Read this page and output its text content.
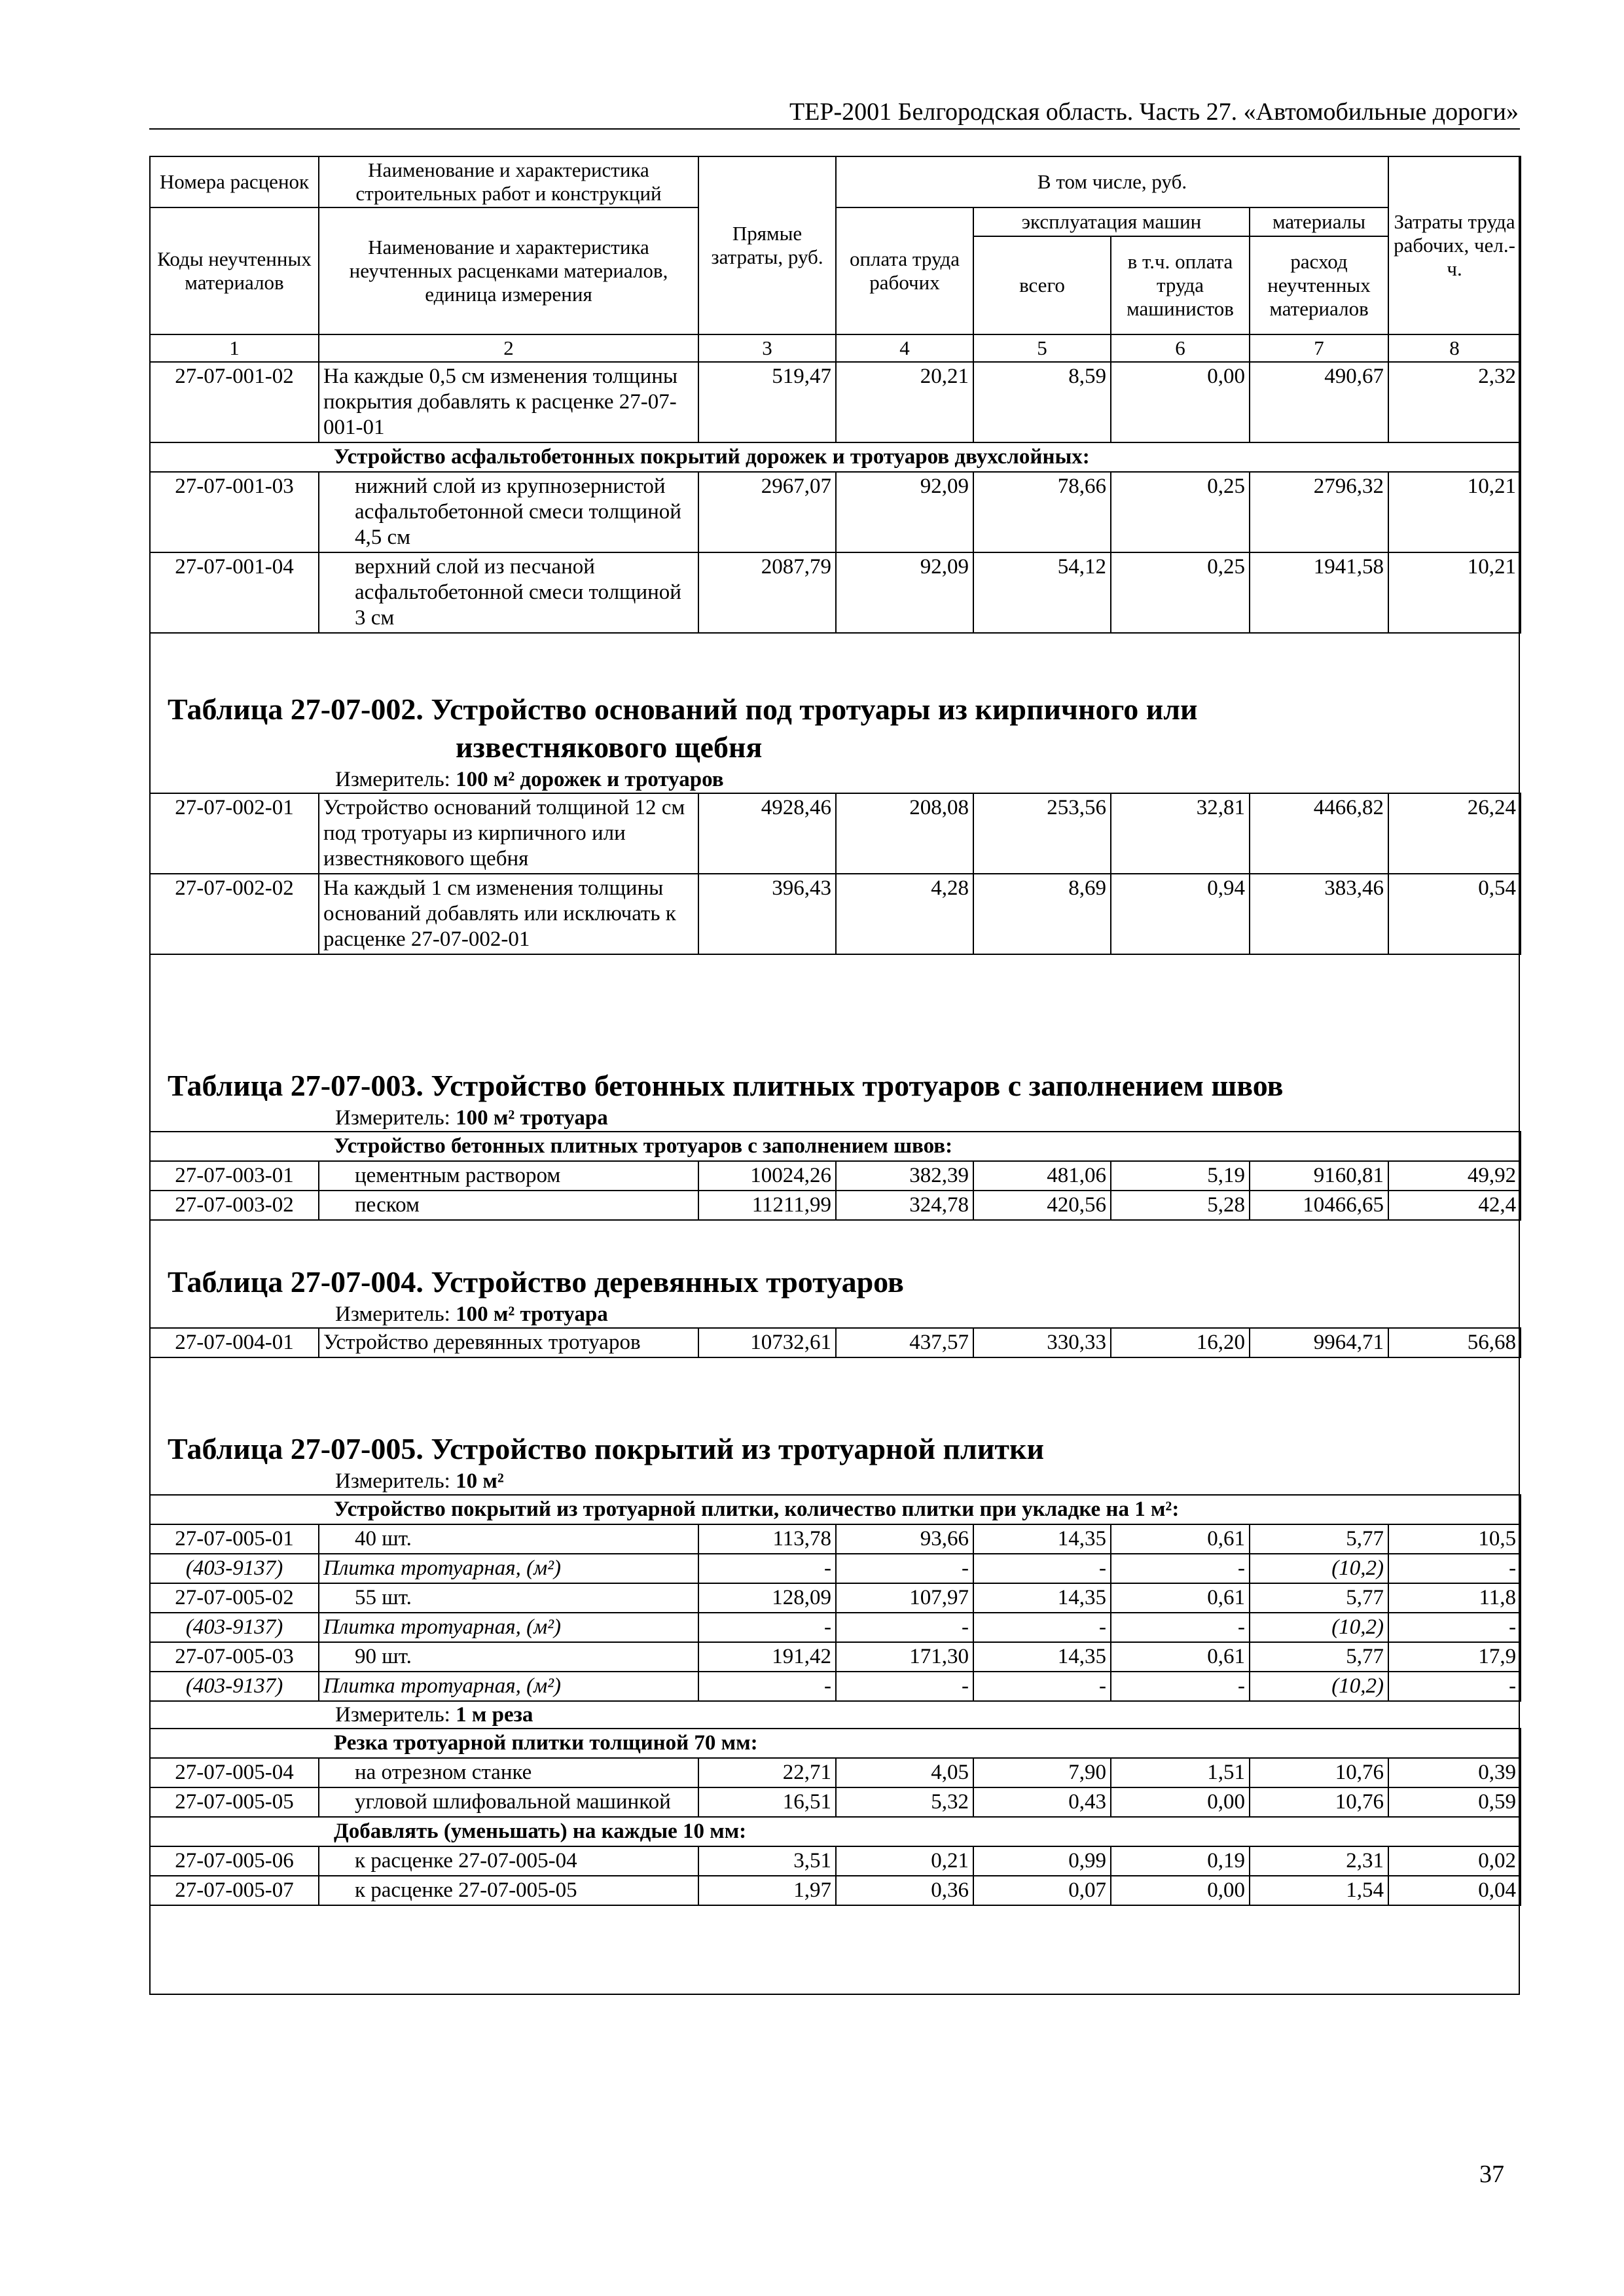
ТЕР-2001 Белгородская область. Часть 27. «Автомобильные дороги»
Номера расценок	Наименование и характеристика строительных работ и конструкций	Прямые затраты, руб.	В том числе, руб.				Затраты труда рабочих, чел.-ч.
Коды неучтенных материалов	Наименование и характеристика неучтенных расценками материалов, единица измерения		оплата труда рабочих	эксплуатация машин		материалы	
				всего	в т.ч. оплата труда машинистов	расход неучтенных материалов	
1	2	3	4	5	6	7	8
27-07-001-02	На каждые 0,5 см изменения толщины покрытия добавлять к расценке 27-07-001-01	519,47	20,21	8,59	0,00	490,67	2,32
Устройство асфальтобетонных покрытий дорожек и тротуаров двухслойных:							
27-07-001-03	нижний слой из крупнозернистой асфальтобетонной смеси толщиной 4,5 см	2967,07	92,09	78,66	0,25	2796,32	10,21
27-07-001-04	верхний слой из песчаной асфальтобетонной смеси толщиной 3 см	2087,79	92,09	54,12	0,25	1941,58	10,21
Таблица 27-07-002. Устройство оснований под тротуары из кирпичного или
известнякового щебня
Измеритель: 100 м² дорожек и тротуаров
27-07-002-01	Устройство оснований толщиной 12 см под тротуары из кирпичного или известнякового щебня	4928,46	208,08	253,56	32,81	4466,82	26,24
27-07-002-02	На каждый 1 см изменения толщины оснований добавлять или исключать к расценке 27-07-002-01	396,43	4,28	8,69	0,94	383,46	0,54
Таблица 27-07-003. Устройство бетонных плитных тротуаров с заполнением швов
Измеритель: 100 м² тротуара
Устройство бетонных плитных тротуаров с заполнением швов:							
27-07-003-01	цементным раствором	10024,26	382,39	481,06	5,19	9160,81	49,92
27-07-003-02	песком	11211,99	324,78	420,56	5,28	10466,65	42,4
Таблица 27-07-004. Устройство деревянных тротуаров
Измеритель: 100 м² тротуара
27-07-004-01	Устройство деревянных тротуаров	10732,61	437,57	330,33	16,20	9964,71	56,68
Таблица 27-07-005. Устройство покрытий из тротуарной плитки
Измеритель: 10 м²
Устройство покрытий из тротуарной плитки, количество плитки при укладке на 1 м²:							
27-07-005-01	40 шт.	113,78	93,66	14,35	0,61	5,77	10,5
(403-9137)	Плитка тротуарная, (м²)	-	-	-	-	(10,2)	-
27-07-005-02	55 шт.	128,09	107,97	14,35	0,61	5,77	11,8
(403-9137)	Плитка тротуарная, (м²)	-	-	-	-	(10,2)	-
27-07-005-03	90 шт.	191,42	171,30	14,35	0,61	5,77	17,9
(403-9137)	Плитка тротуарная, (м²)	-	-	-	-	(10,2)	-
Измеритель: 1 м реза
Резка тротуарной плитки толщиной 70 мм:							
27-07-005-04	на отрезном станке	22,71	4,05	7,90	1,51	10,76	0,39
27-07-005-05	угловой шлифовальной машинкой	16,51	5,32	0,43	0,00	10,76	0,59
Добавлять (уменьшать) на каждые 10 мм:							
27-07-005-06	к расценке 27-07-005-04	3,51	0,21	0,99	0,19	2,31	0,02
27-07-005-07	к расценке 27-07-005-05	1,97	0,36	0,07	0,00	1,54	0,04
37
